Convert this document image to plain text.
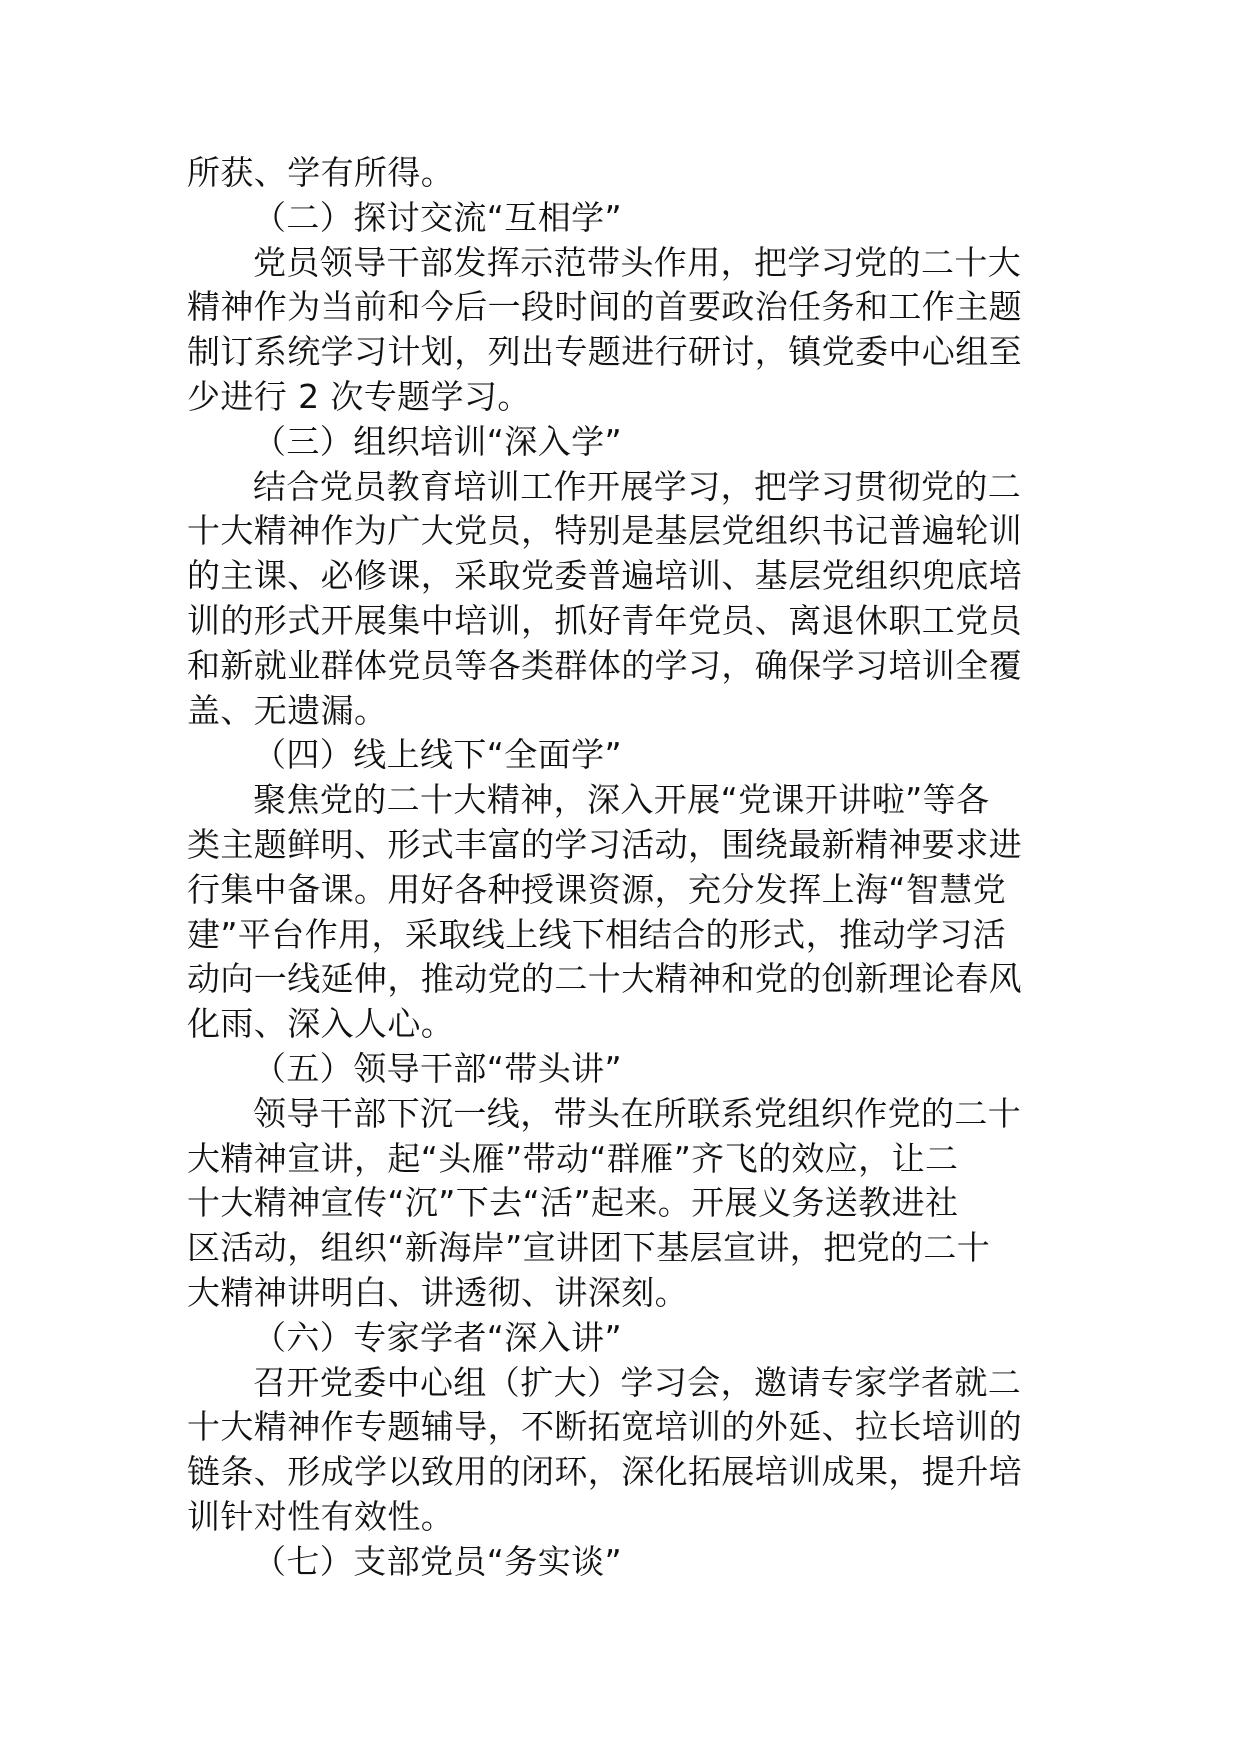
所获、学有所得。
（二）探讨交流“互相学”
党员领导干部发挥示范带头作用，把学习党的二十大
精神作为当前和今后一段时间的首要政治任务和工作主题
制订系统学习计划，列出专题进行研讨，镇党委中心组至
少进行 2 次专题学习。
（三）组织培训“深入学”
结合党员教育培训工作开展学习，把学习贯彻党的二
十大精神作为广大党员，特别是基层党组织书记普遍轮训
的主课、必修课，采取党委普遍培训、基层党组织兜底培
训的形式开展集中培训，抓好青年党员、离退休职工党员
和新就业群体党员等各类群体的学习，确保学习培训全覆
盖、无遗漏。
（四）线上线下“全面学”
聚焦党的二十大精神，深入开展“党课开讲啦”等各
类主题鲜明、形式丰富的学习活动，围绕最新精神要求进
行集中备课。用好各种授课资源，充分发挥上海“智慧党
建”平台作用，采取线上线下相结合的形式，推动学习活
动向一线延伸，推动党的二十大精神和党的创新理论春风
化雨、深入人心。
（五）领导干部“带头讲”
领导干部下沉一线，带头在所联系党组织作党的二十
大精神宣讲，起“头雁”带动“群雁”齐飞的效应，让二
十大精神宣传“沉”下去“活”起来。开展义务送教进社
区活动，组织“新海岸”宣讲团下基层宣讲，把党的二十
大精神讲明白、讲透彻、讲深刻。
（六）专家学者“深入讲”
召开党委中心组（扩大）学习会，邀请专家学者就二
十大精神作专题辅导，不断拓宽培训的外延、拉长培训的
链条、形成学以致用的闭环，深化拓展培训成果，提升培
训针对性有效性。
（七）支部党员“务实谈”
